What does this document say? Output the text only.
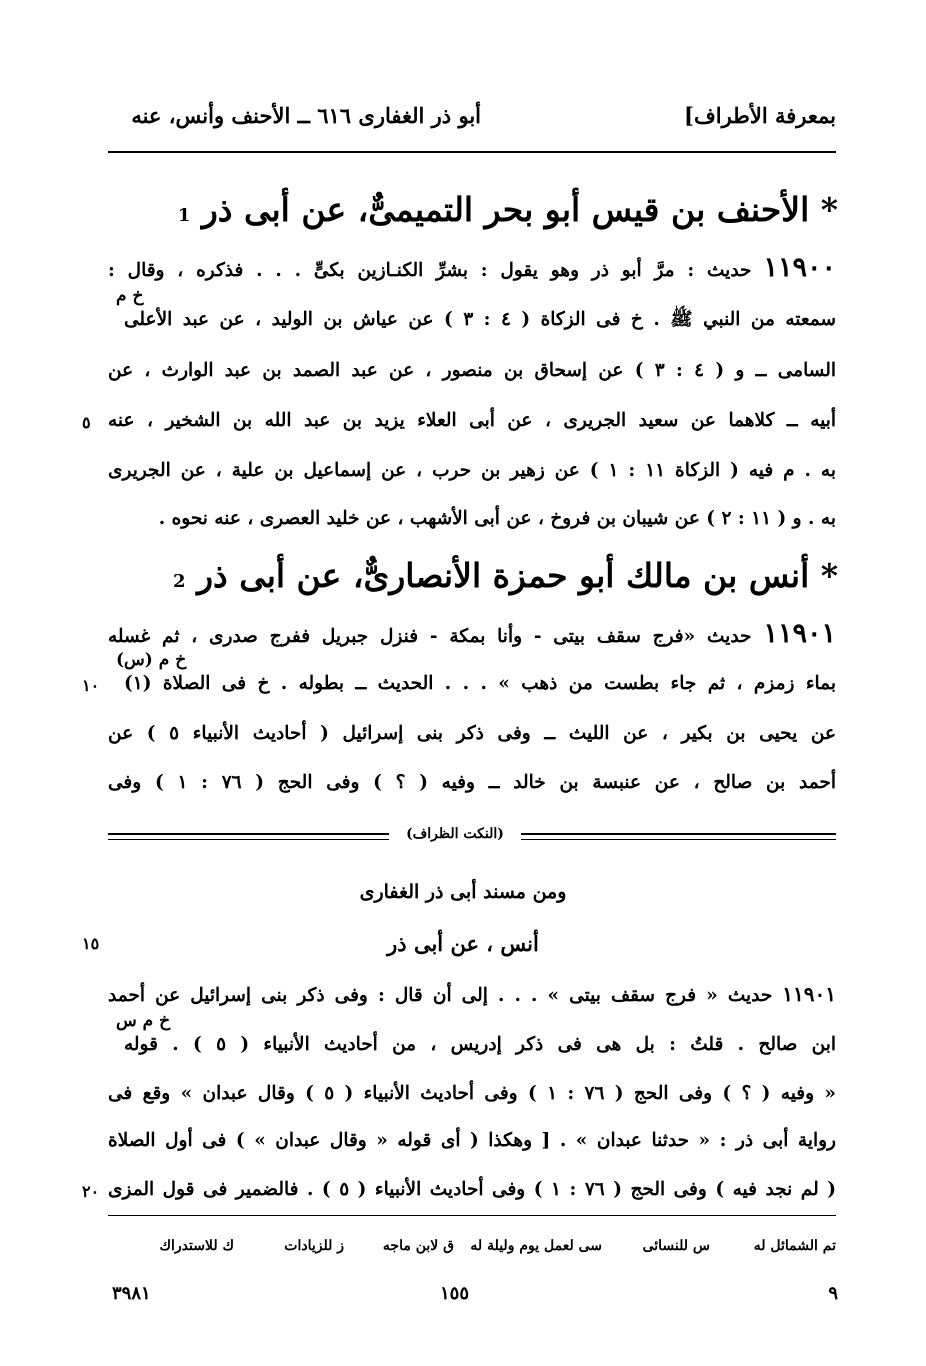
بمعرفة الأطراف]
أبو ذر الغفارى ٦١٦ ــ الأحنف وأنس، عنه
* الأحنف بن قيس أبو بحر التميمىٌّ، عن أبى ذر 1
١١٩٠٠
حديث : مرَّ أبو ذر وهو يقول : بشرِّ الكنـازين بكىٍّ . . . فذكره ، وقال :
خ م
سمعته من النبي ﷺ . خ فى الزكاة ( ٤ : ٣ ) عن عياش بن الوليد ، عن عبد الأعلى
السامى ــ و ( ٤ : ٣ ) عن إسحاق بن منصور ، عن عبد الصمد بن عبد الوارث ، عن
أبيه ــ كلاهما عن سعيد الجريرى ، عن أبى العلاء يزيد بن عبد الله بن الشخير ، عنه
به . م فيه ( الزكاة ١١ : ١ ) عن زهير بن حرب ، عن إسماعيل بن علية ، عن الجريرى
به . و ( ١١ : ٢ ) عن شيبان بن فروخ ، عن أبى الأشهب ، عن خليد العصرى ، عنه نحوه .
٥
* أنس بن مالك أبو حمزة الأنصارىٌّ، عن أبى ذر 2
١١٩٠١
حديث «فرج سقف بيتى - وأنا بمكة - فنزل جبريل ففرج صدرى ، ثم غسله
خ م (س)
بماء زمزم ، ثم جاء بطست من ذهب » . . . الحديث ــ بطوله . خ فى الصلاة (١)
عن يحيى بن بكير ، عن الليث ــ وفى ذكر بنى إسرائيل ( أحاديث الأنبياء ٥ ) عن
أحمد بن صالح ، عن عنبسة بن خالد ــ وفيه ( ؟ ) وفى الحج ( ٧٦ : ١ ) وفى
١٠
(النكت الظراف)
ومن مسند أبى ذر الغفارى
أنس ، عن أبى ذر
١٥
١١٩٠١
حديث « فرج سقف بيتى » . . . إلى أن قال : وفى ذكر بنى إسرائيل عن أحمد
خ م س
ابن صالح . قلتُ : بل هى فى ذكر إدريس ، من أحاديث الأنبياء ( ٥ ) . قوله
« وفيه ( ؟ ) وفى الحج ( ٧٦ : ١ ) وفى أحاديث الأنبياء ( ٥ ) وقال عبدان » وقع فى
رواية أبى ذر : « حدثنا عبدان » . [ وهكذا ( أى قوله « وقال عبدان » ) فى أول الصلاة
( لم نجد فيه ) وفى الحج ( ٧٦ : ١ ) وفى أحاديث الأنبياء ( ٥ ) . فالضمير فى قول المزى
٢٠
تم الشمائل له
س للنسائى
سى لعمل يوم وليلة له
ق لابن ماجه
ز للزيادات
ك للاستدراك
٩
١٥٥
٣٩٨١
